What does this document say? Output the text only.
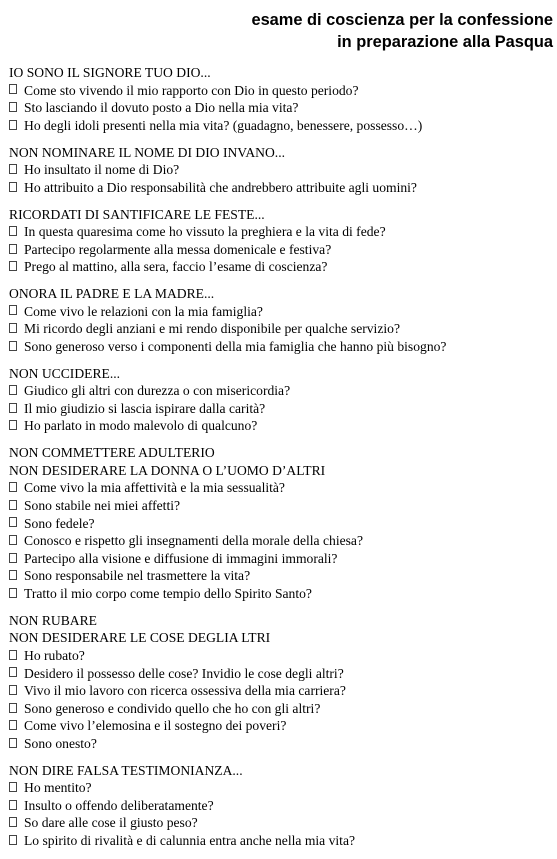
esame di coscienza per la confessione
in preparazione alla Pasqua
IO SONO IL SIGNORE TUO DIO...
Come sto vivendo il mio rapporto con Dio in questo periodo?
Sto lasciando il dovuto posto a Dio nella mia vita?
Ho degli idoli presenti nella mia vita? (guadagno, benessere, possesso…)
NON NOMINARE IL NOME DI DIO INVANO...
Ho insultato il nome di Dio?
Ho attribuito a Dio responsabilità che andrebbero attribuite agli uomini?
RICORDATI DI SANTIFICARE LE FESTE...
In questa quaresima come ho vissuto la preghiera e la vita di fede?
Partecipo regolarmente alla messa domenicale e festiva?
Prego al mattino, alla sera, faccio l’esame di coscienza?
ONORA IL PADRE E LA MADRE...
Come vivo le relazioni con la mia famiglia?
Mi ricordo degli anziani e mi rendo disponibile per qualche servizio?
Sono generoso verso i componenti della mia famiglia che hanno più bisogno?
NON UCCIDERE...
Giudico gli altri con durezza o con misericordia?
Il mio giudizio si lascia ispirare dalla carità?
Ho parlato in modo malevolo di qualcuno?
NON COMMETTERE ADULTERIO
NON DESIDERARE LA DONNA O L’UOMO D’ALTRI
Come vivo la mia affettività e la mia sessualità?
Sono stabile nei miei affetti?
Sono fedele?
Conosco e rispetto gli insegnamenti della morale della chiesa?
Partecipo alla visione e diffusione di immagini immorali?
Sono responsabile nel trasmettere la vita?
Tratto il mio corpo come tempio dello Spirito Santo?
NON RUBARE
NON DESIDERARE LE COSE DEGLIA LTRI
Ho rubato?
Desidero il possesso delle cose? Invidio le cose degli altri?
Vivo il mio lavoro con ricerca ossessiva della mia carriera?
Sono generoso e condivido quello che ho con gli altri?
Come vivo l’elemosina e il sostegno dei poveri?
Sono onesto?
NON DIRE FALSA TESTIMONIANZA...
Ho mentito?
Insulto o offendo deliberatamente?
So dare alle cose il giusto peso?
Lo spirito di rivalità e di calunnia entra anche nella mia vita?
